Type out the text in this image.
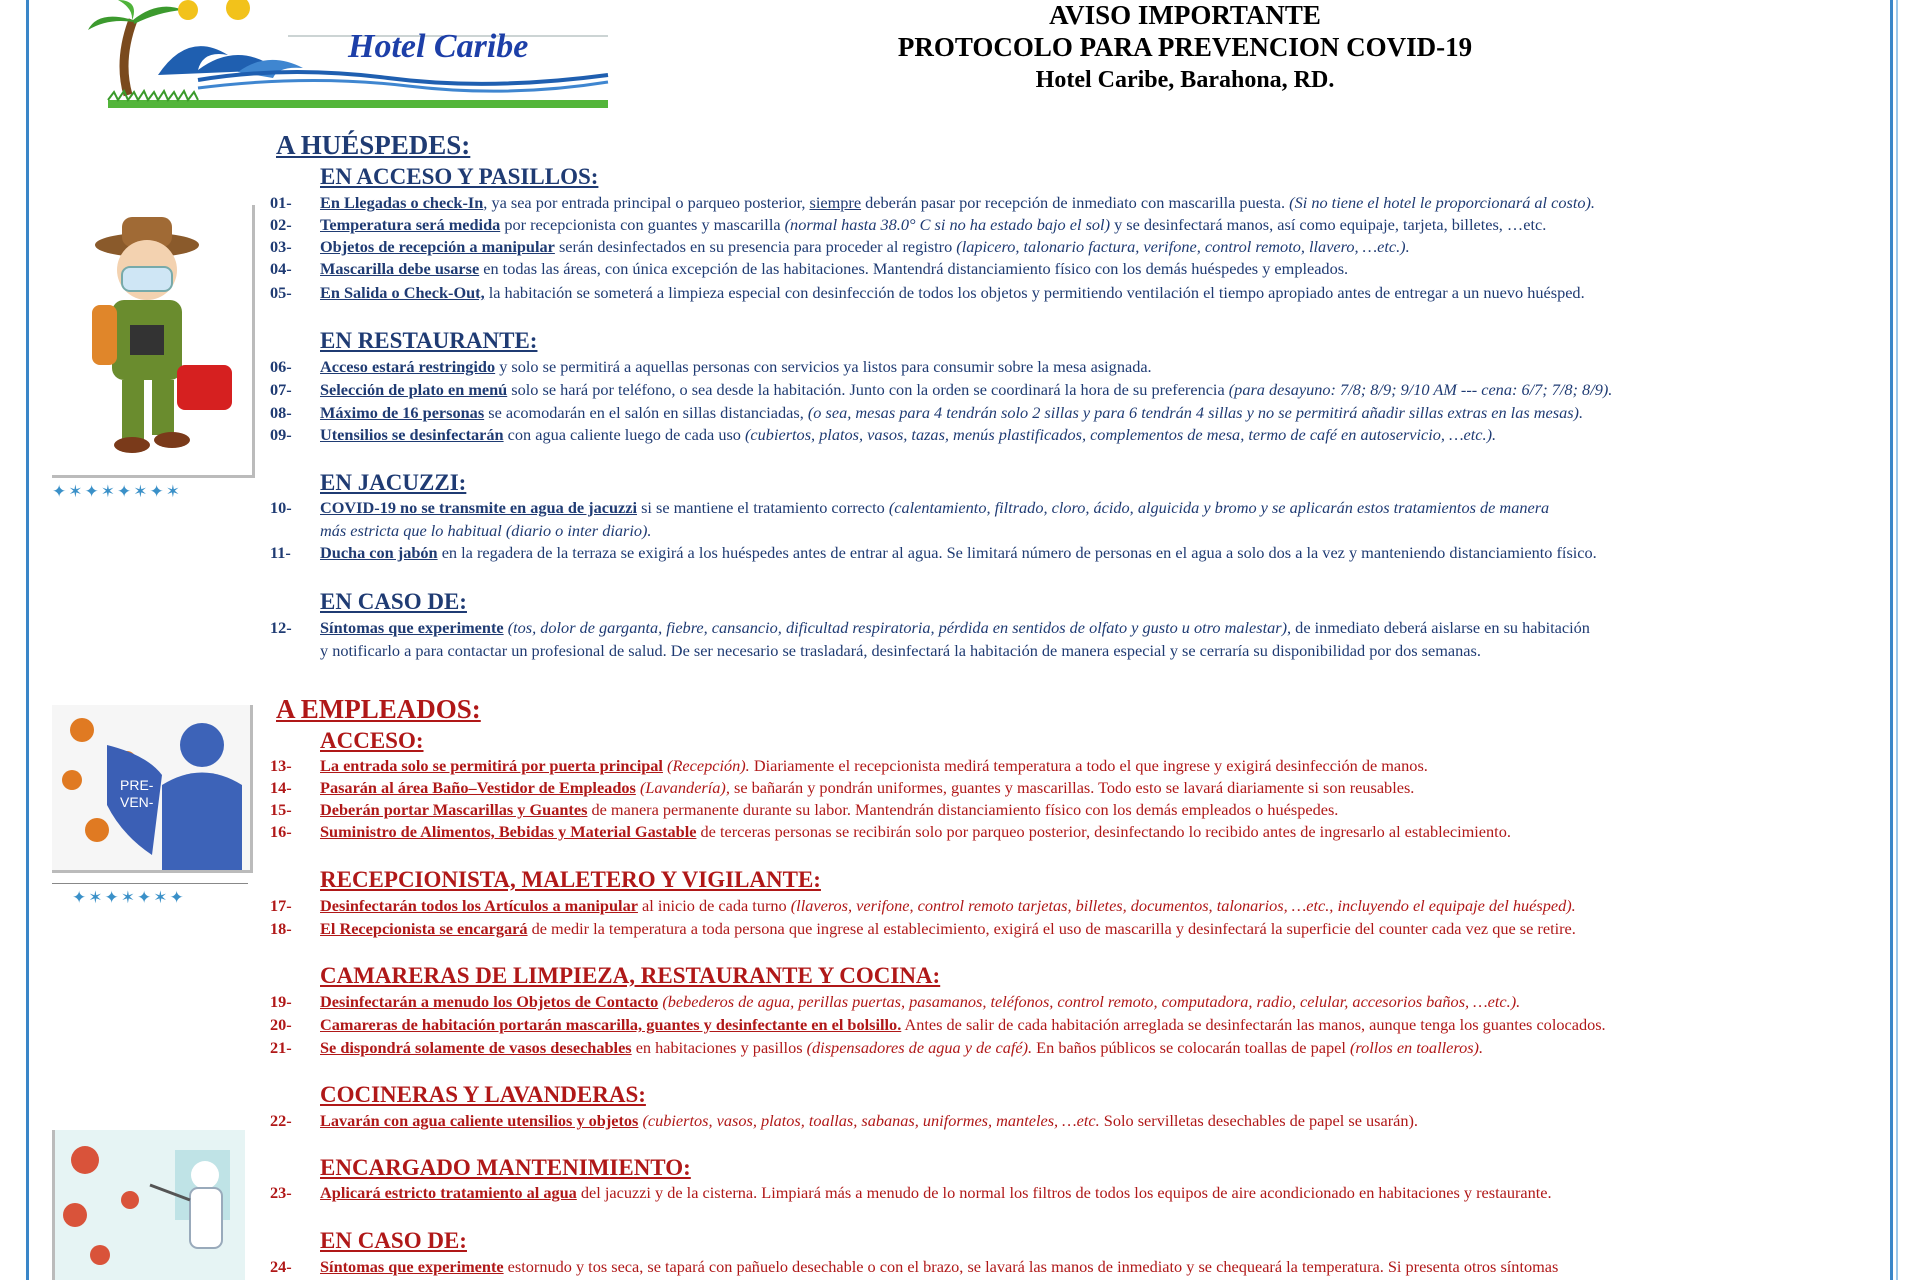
Hotel Caribe
AVISO IMPORTANTE
PROTOCOLO PARA PREVENCION COVID-19
Hotel Caribe, Barahona, RD.
✦✶✦✶✦✶✦✶
PRE-
VEN-
✦✶✦✶✦✶✦
A HUÉSPEDES:
EN ACCESO Y PASILLOS:
01-	En Llegadas o check-In, ya sea por entrada principal o parqueo posterior, siempre deberán pasar por recepción de inmediato con mascarilla puesta. (Si no tiene el hotel le proporcionará al costo).
02-	Temperatura será medida por recepcionista con guantes y mascarilla (normal hasta 38.0° C si no ha estado bajo el sol) y se desinfectará manos, así como equipaje, tarjeta, billetes, …etc.
03-	Objetos de recepción a manipular serán desinfectados en su presencia para proceder al registro (lapicero, talonario factura, verifone, control remoto, llavero, …etc.).
04-	Mascarilla debe usarse en todas las áreas, con única excepción de las habitaciones. Mantendrá distanciamiento físico con los demás huéspedes y empleados.
05-	En Salida o Check-Out, la habitación se someterá a limpieza especial con desinfección de todos los objetos y permitiendo ventilación el tiempo apropiado antes de entregar a un nuevo huésped.
EN RESTAURANTE:
06-	Acceso estará restringido y solo se permitirá a aquellas personas con servicios ya listos para consumir sobre la mesa asignada.
07-	Selección de plato en menú solo se hará por teléfono, o sea desde la habitación. Junto con la orden se coordinará la hora de su preferencia (para desayuno: 7/8; 8/9; 9/10 AM --- cena: 6/7; 7/8; 8/9).
08-	Máximo de 16 personas se acomodarán en el salón en sillas distanciadas, (o sea, mesas para 4 tendrán solo 2 sillas y para 6 tendrán 4 sillas y no se permitirá añadir sillas extras en las mesas).
09-	Utensilios se desinfectarán con agua caliente luego de cada uso (cubiertos, platos, vasos, tazas, menús plastificados, complementos de mesa, termo de café en autoservicio, …etc.).
EN JACUZZI:
10-	COVID-19 no se transmite en agua de jacuzzi si se mantiene el tratamiento correcto (calentamiento, filtrado, cloro, ácido, alguicida y bromo y se aplicarán estos tratamientos de manera
más estricta que lo habitual (diario o inter diario).
11-	Ducha con jabón en la regadera de la terraza se exigirá a los huéspedes antes de entrar al agua. Se limitará número de personas en el agua a solo dos a la vez y manteniendo distanciamiento físico.
EN CASO DE:
12-	Síntomas que experimente (tos, dolor de garganta, fiebre, cansancio, dificultad respiratoria, pérdida en sentidos de olfato y gusto u otro malestar), de inmediato deberá aislarse en su habitación
y notificarlo a para contactar un profesional de salud. De ser necesario se trasladará, desinfectará la habitación de manera especial y se cerraría su disponibilidad por dos semanas.
A EMPLEADOS:
ACCESO:
13-	La entrada solo se permitirá por puerta principal (Recepción). Diariamente el recepcionista medirá temperatura a todo el que ingrese y exigirá desinfección de manos.
14-	Pasarán al área Baño–Vestidor de Empleados (Lavandería), se bañarán y pondrán uniformes, guantes y mascarillas. Todo esto se lavará diariamente si son reusables.
15-	Deberán portar Mascarillas y Guantes de manera permanente durante su labor. Mantendrán distanciamiento físico con los demás empleados o huéspedes.
16-	Suministro de Alimentos, Bebidas y Material Gastable de terceras personas se recibirán solo por parqueo posterior, desinfectando lo recibido antes de ingresarlo al establecimiento.
RECEPCIONISTA, MALETERO Y VIGILANTE:
17-	Desinfectarán todos los Artículos a manipular al inicio de cada turno (llaveros, verifone, control remoto tarjetas, billetes, documentos, talonarios, …etc., incluyendo el equipaje del huésped).
18-	El Recepcionista se encargará de medir la temperatura a toda persona que ingrese al establecimiento, exigirá el uso de mascarilla y desinfectará la superficie del counter cada vez que se retire.
CAMARERAS DE LIMPIEZA, RESTAURANTE Y COCINA:
19-	Desinfectarán a menudo los Objetos de Contacto (bebederos de agua, perillas puertas, pasamanos, teléfonos, control remoto, computadora, radio, celular, accesorios baños, …etc.).
20-	Camareras de habitación portarán mascarilla, guantes y desinfectante en el bolsillo. Antes de salir de cada habitación arreglada se desinfectarán las manos, aunque tenga los guantes colocados.
21-	Se dispondrá solamente de vasos desechables en habitaciones y pasillos (dispensadores de agua y de café). En baños públicos se colocarán toallas de papel (rollos en toalleros).
COCINERAS Y LAVANDERAS:
22-	Lavarán con agua caliente utensilios y objetos (cubiertos, vasos, platos, toallas, sabanas, uniformes, manteles, …etc. Solo servilletas desechables de papel se usarán).
ENCARGADO MANTENIMIENTO:
23-	Aplicará estricto tratamiento al agua del jacuzzi y de la cisterna. Limpiará más a menudo de lo normal los filtros de todos los equipos de aire acondicionado en habitaciones y restaurante.
EN CASO DE:
24-	Síntomas que experimente estornudo y tos seca, se tapará con pañuelo desechable o con el brazo, se lavará las manos de inmediato y se chequeará la temperatura. Si presenta otros síntomas
